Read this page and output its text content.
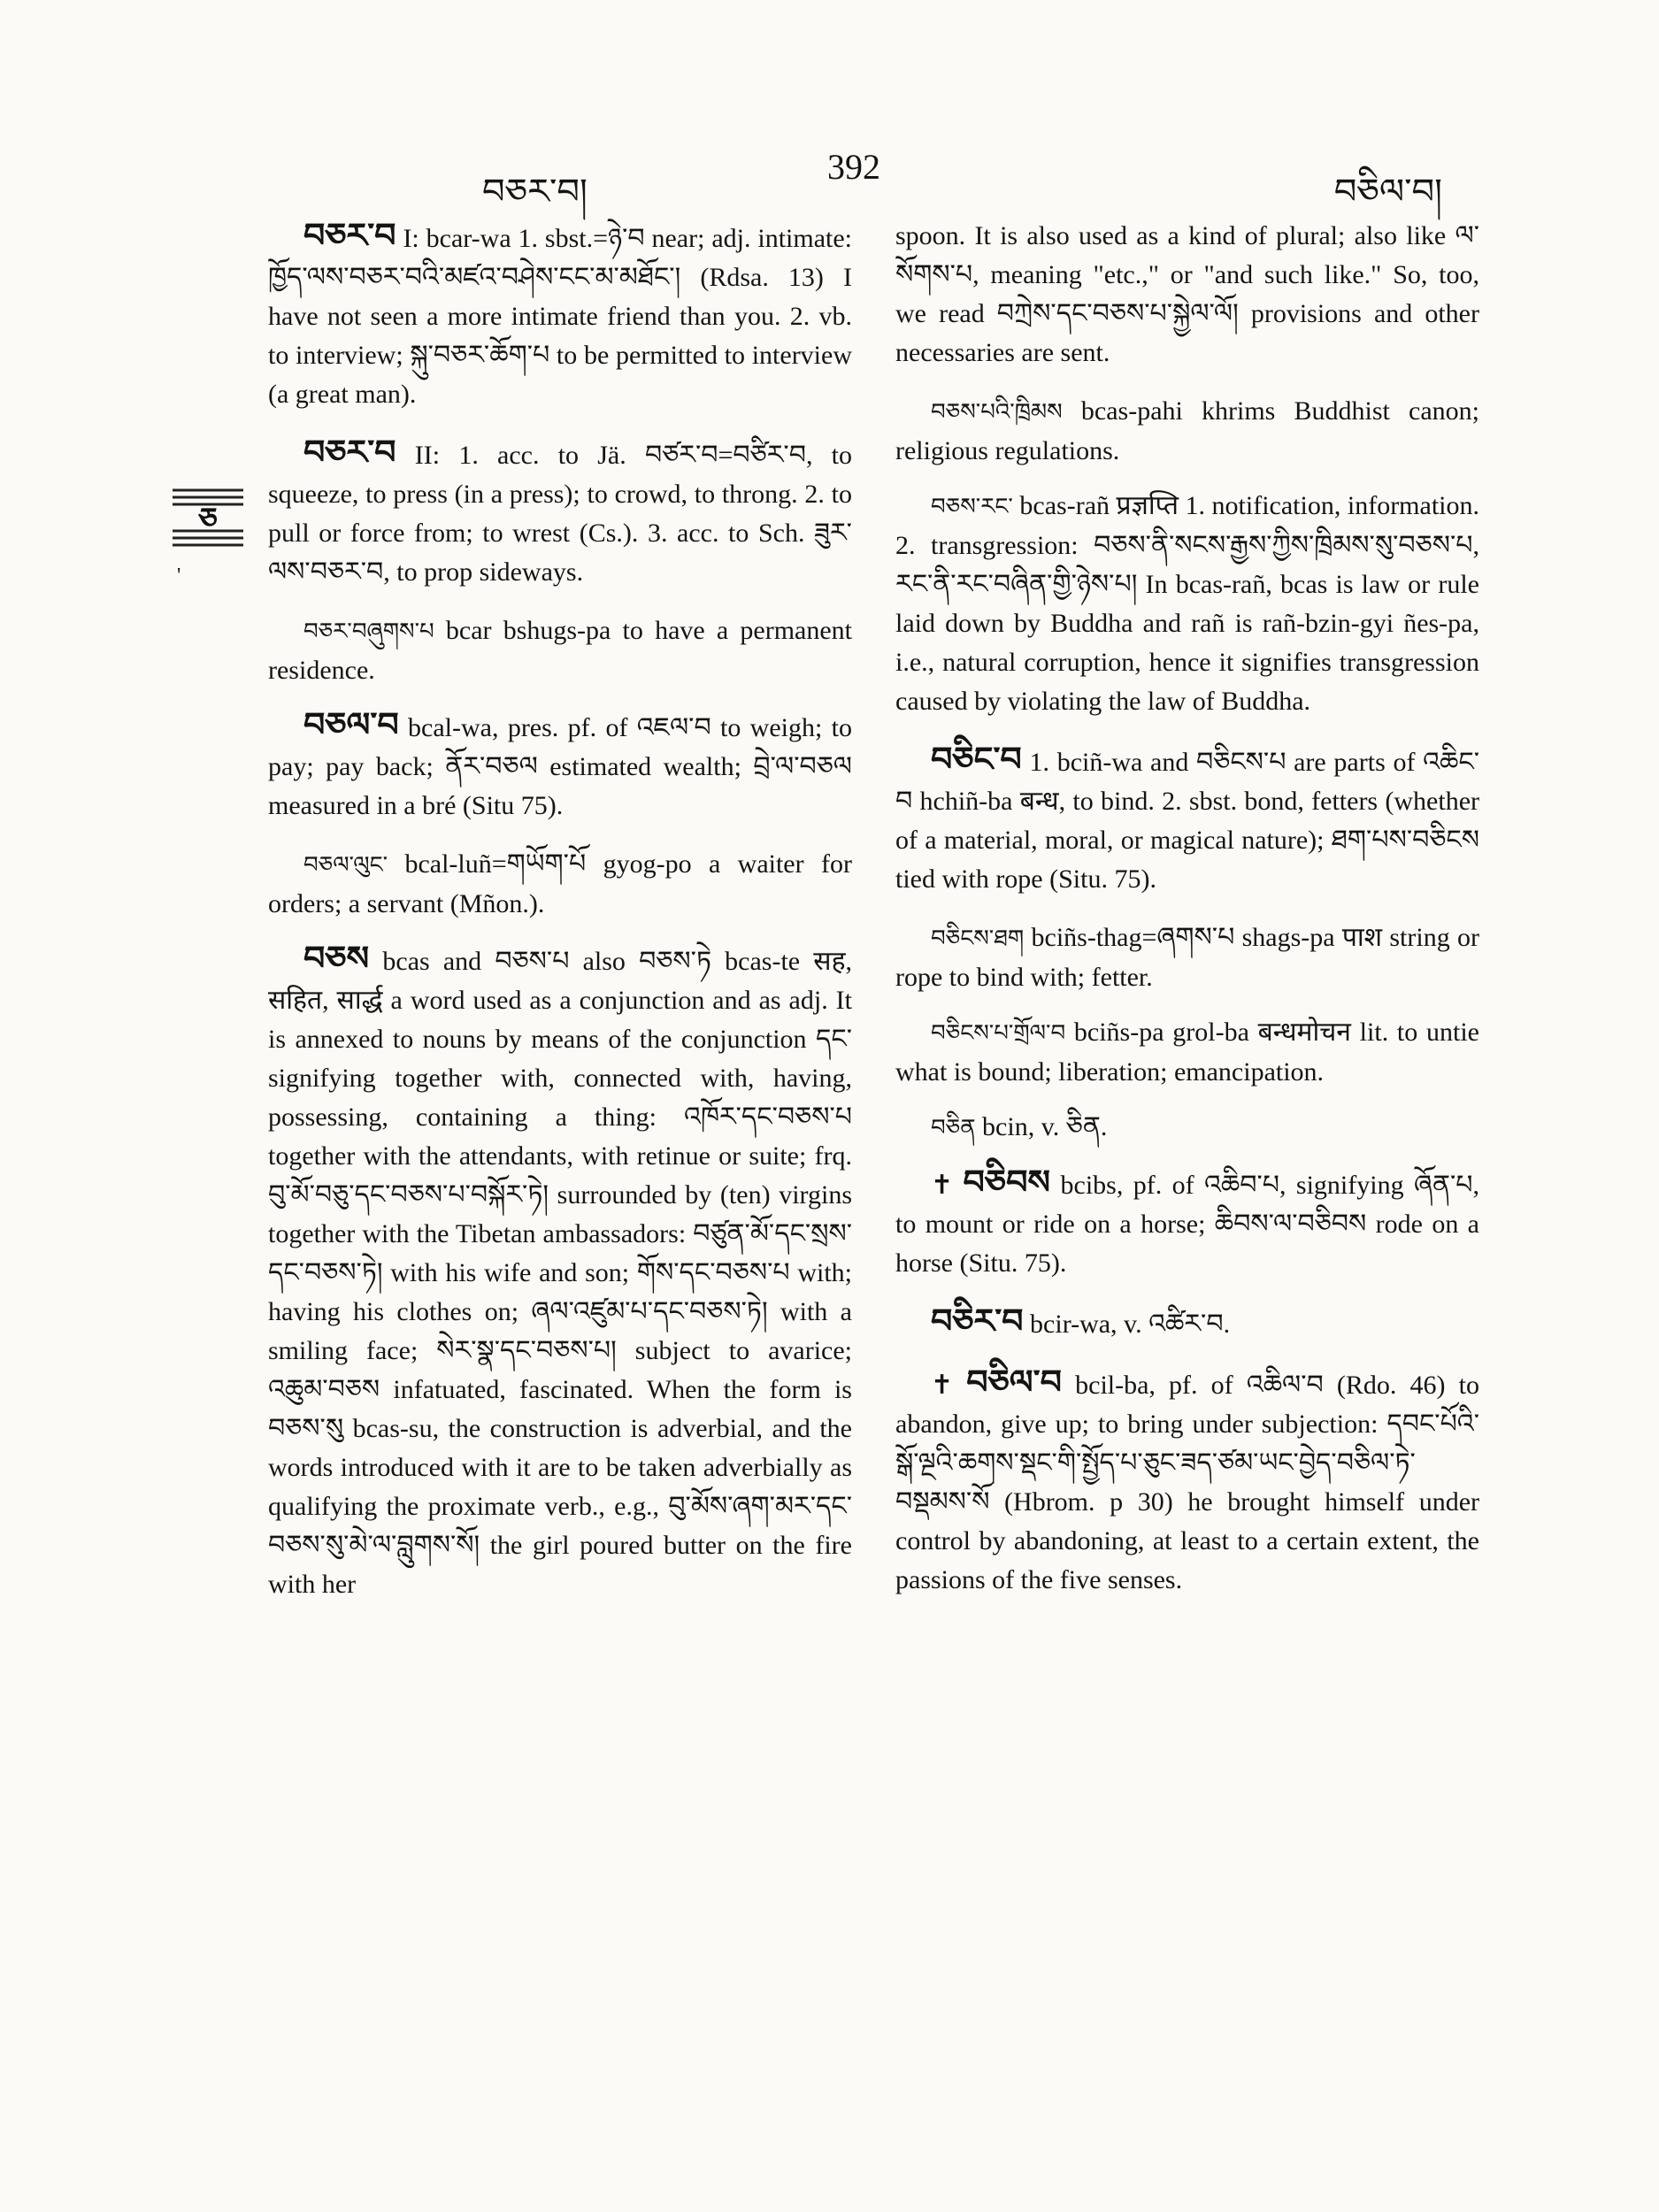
བཅར་བ།
392
བཅིལ་བ།
ཅ
'

བཅར་བ I: bcar-wa 1. sbst.=ཉེ་བ near; adj. intimate: ཁྱོད་ལས་བཅར་བའི་མཛའ་བཤེས་ངང་མ་མཐོང་། (Rdsa. 13) I have not seen a more intimate friend than you. 2. vb. to interview; སྐུ་བཅར་ཆོག་པ to be permitted to interview (a great man).

བཅར་བ II: 1. acc. to Jä. བཙར་བ=བཙིར་བ, to squeeze, to press (in a press); to crowd, to throng. 2. to pull or force from; to wrest (Cs.). 3. acc. to Sch. ཟུར་ལས་བཅར་བ, to prop sideways.

བཅར་བཞུགས་པ bcar bshugs-pa to have a permanent residence.

བཅལ་བ bcal-wa, pres. pf. of འཇལ་བ to weigh; to pay; pay back; ནོར་བཅལ estimated wealth; བྲེ་ལ་བཅལ measured in a bré (Situ 75).

བཅལ་ལུང་ bcal-luñ=གཡོག་པོ gyog-po a waiter for orders; a servant (Mñon.).

བཅས bcas and བཅས་པ also བཅས་ཏེ bcas-te सह, सहित, सार्द्ध a word used as a conjunction and as adj. It is annexed to nouns by means of the conjunction དང་ signifying together with, connected with, having, possessing, containing a thing: འཁོར་དང་བཅས་པ together with the attendants, with retinue or suite; frq. བུ་མོ་བཅུ་དང་བཅས་པ་བསྐོར་ཏེ། surrounded by (ten) virgins together with the Tibetan ambassadors: བཙུན་མོ་དང་སྲས་དང་བཅས་ཏེ། with his wife and son; གོས་དང་བཅས་པ with; having his clothes on; ཞལ་འཛུམ་པ་དང་བཅས་ཏེ། with a smiling face; སེར་སྣ་དང་བཅས་པ། subject to avarice; འཆུམ་བཅས infatuated, fascinated. When the form is བཅས་སུ bcas-su, the construction is adverbial, and the words introduced with it are to be taken adverbially as qualifying the proximate verb., e.g., བུ་མོས་ཞག་མར་དང་བཅས་སུ་མེ་ལ་བླུགས་སོ། the girl poured butter on the fire with her

spoon. It is also used as a kind of plural; also like ལ་སོགས་པ, meaning "etc.," or "and such like." So, too, we read བཀྲེས་དང་བཅས་པ་སྐྱེལ་ལོ། provisions and other necessaries are sent.

བཅས་པའི་ཁྲིམས bcas-pahi khrims Buddhist canon; religious regulations.

བཅས་རང་ bcas-rañ प्रज्ञप्ति 1. notification, information. 2. transgression: བཅས་ནི་སངས་རྒྱས་ཀྱིས་ཁྲིམས་སུ་བཅས་པ, རང་ནི་རང་བཞིན་གྱི་ཉེས་པ། In bcas-rañ, bcas is law or rule laid down by Buddha and rañ is rañ-bzin-gyi ñes-pa, i.e., natural corruption, hence it signifies transgression caused by violating the law of Buddha.

བཅིང་བ 1. bciñ-wa and བཅིངས་པ are parts of འཆིང་བ hchiñ-ba बन्ध, to bind. 2. sbst. bond, fetters (whether of a material, moral, or magical nature); ཐག་པས་བཅིངས tied with rope (Situ. 75).

བཅིངས་ཐག bciñs-thag=ཞགས་པ shags-pa पाश string or rope to bind with; fetter.

བཅིངས་པ་གྲོལ་བ bciñs-pa grol-ba बन्धमोचन lit. to untie what is bound; liberation; emancipation.

བཅིན bcin, v. ཅིན.

✝ བཅིབས bcibs, pf. of འཆིབ་པ, signifying ཞོན་པ, to mount or ride on a horse; ཆིབས་ལ་བཅིབས rode on a horse (Situ. 75).

བཅིར་བ bcir-wa, v. འཚིར་བ.

✝ བཅིལ་བ bcil-ba, pf. of འཆིལ་བ (Rdo. 46) to abandon, give up; to bring under subjection: དབང་པོའི་སྒོ་ལྔའི་ཆགས་སྡང་གི་སྤྱོད་པ་ཅུང་ཟད་ཙམ་ཡང་བྱེད་བཅིལ་ཏེ་བསྡམས་སོ (Hbrom. p 30) he brought himself under control by abandoning, at least to a certain extent, the passions of the five senses.
